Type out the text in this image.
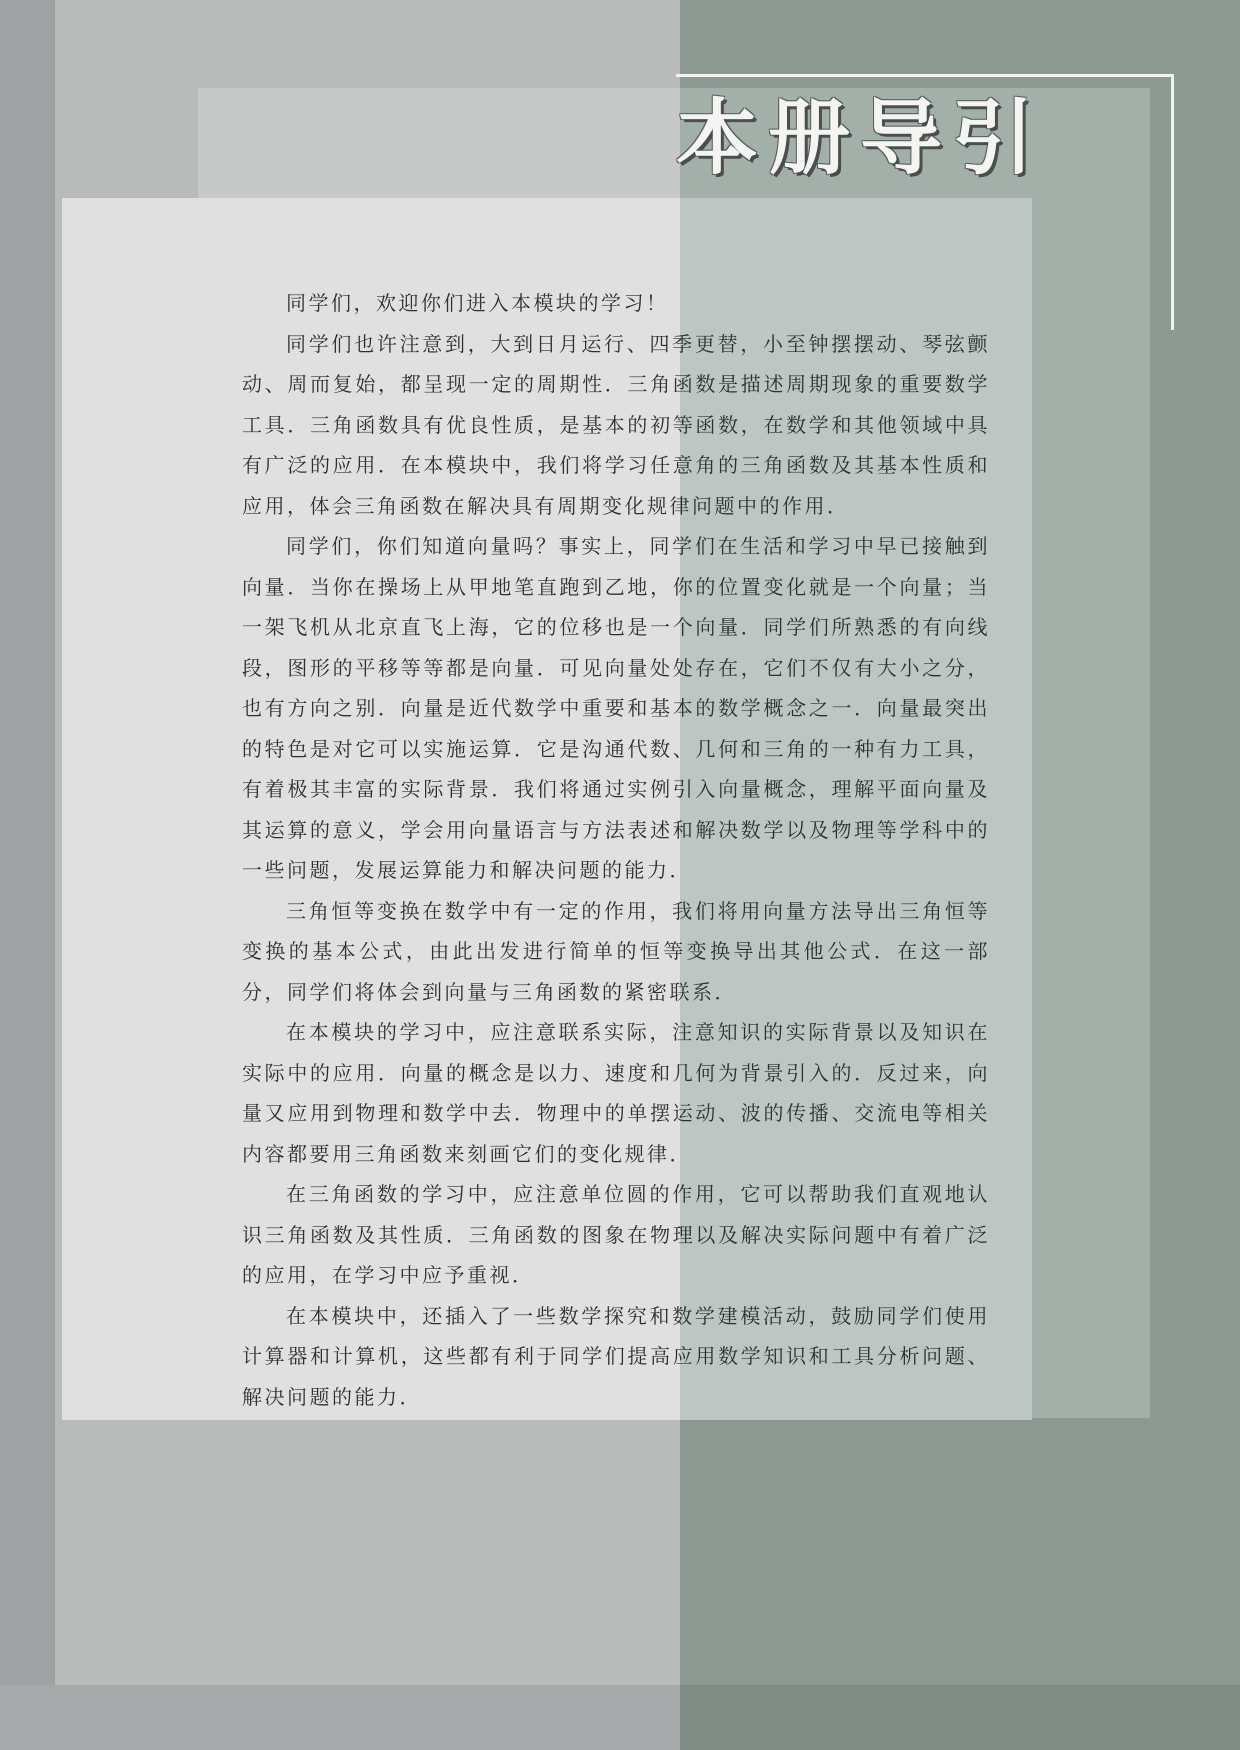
本册导引

同学们，欢迎你们进入本模块的学习！

同学们也许注意到，大到日月运行、四季更替，小至钟摆摆动、琴弦颤动、周而复始，都呈现一定的周期性．三角函数是描述周期现象的重要数学工具．三角函数具有优良性质，是基本的初等函数，在数学和其他领域中具有广泛的应用．在本模块中，我们将学习任意角的三角函数及其基本性质和应用，体会三角函数在解决具有周期变化规律问题中的作用．

同学们，你们知道向量吗？事实上，同学们在生活和学习中早已接触到向量．当你在操场上从甲地笔直跑到乙地，你的位置变化就是一个向量；当一架飞机从北京直飞上海，它的位移也是一个向量．同学们所熟悉的有向线段，图形的平移等等都是向量．可见向量处处存在，它们不仅有大小之分，也有方向之别．向量是近代数学中重要和基本的数学概念之一．向量最突出的特色是对它可以实施运算．它是沟通代数、几何和三角的一种有力工具，有着极其丰富的实际背景．我们将通过实例引入向量概念，理解平面向量及其运算的意义，学会用向量语言与方法表述和解决数学以及物理等学科中的一些问题，发展运算能力和解决问题的能力．

三角恒等变换在数学中有一定的作用，我们将用向量方法导出三角恒等变换的基本公式，由此出发进行简单的恒等变换导出其他公式．在这一部分，同学们将体会到向量与三角函数的紧密联系．

在本模块的学习中，应注意联系实际，注意知识的实际背景以及知识在实际中的应用．向量的概念是以力、速度和几何为背景引入的．反过来，向量又应用到物理和数学中去．物理中的单摆运动、波的传播、交流电等相关内容都要用三角函数来刻画它们的变化规律．

在三角函数的学习中，应注意单位圆的作用，它可以帮助我们直观地认识三角函数及其性质．三角函数的图象在物理以及解决实际问题中有着广泛的应用，在学习中应予重视．

在本模块中，还插入了一些数学探究和数学建模活动，鼓励同学们使用计算器和计算机，这些都有利于同学们提高应用数学知识和工具分析问题、解决问题的能力．
